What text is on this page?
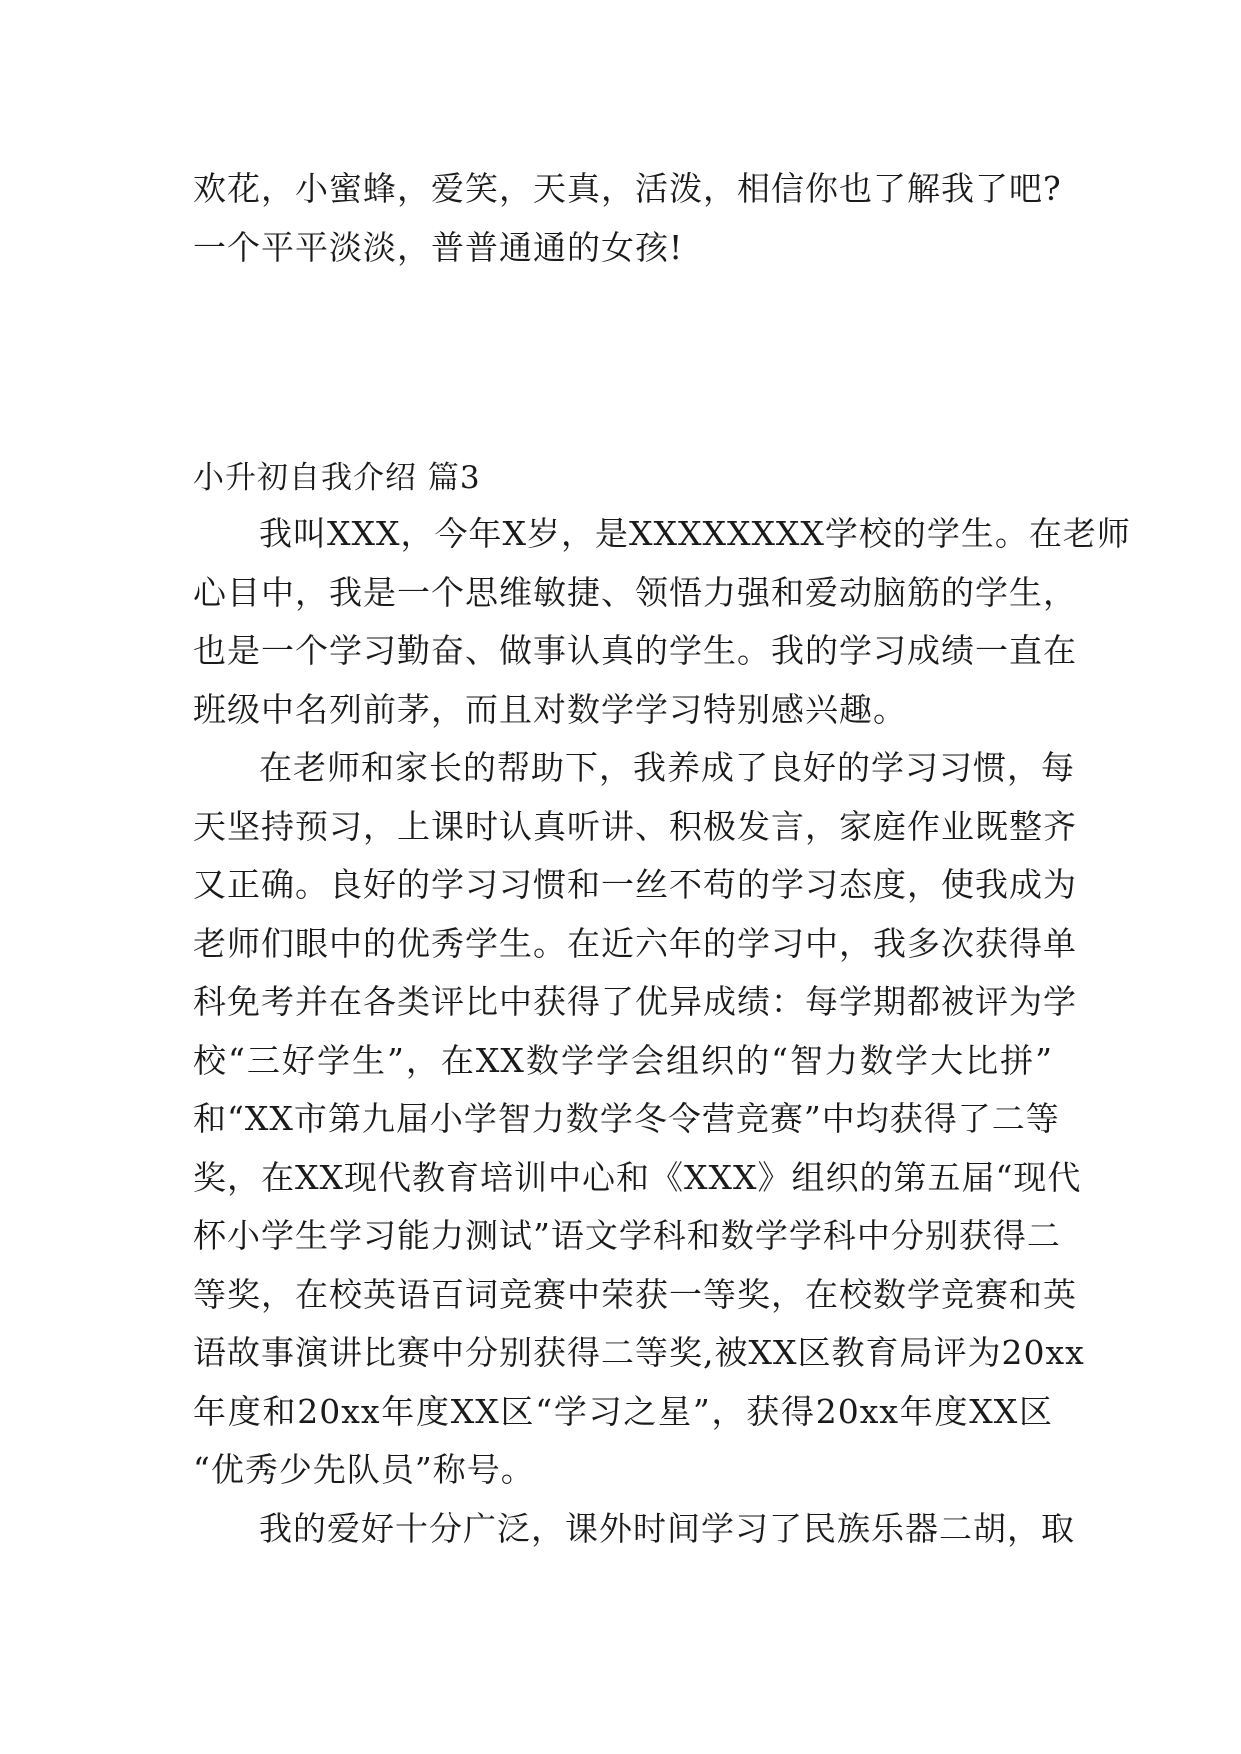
欢花，小蜜蜂，爱笑，天真，活泼，相信你也了解我了吧?
一个平平淡淡，普普通通的女孩!
小升初自我介绍 篇3
我叫XXX，今年X岁，是XXXXXXXX学校的学生。在老师
心目中，我是一个思维敏捷、领悟力强和爱动脑筋的学生，
也是一个学习勤奋、做事认真的学生。我的学习成绩一直在
班级中名列前茅，而且对数学学习特别感兴趣。
在老师和家长的帮助下，我养成了良好的学习习惯，每
天坚持预习，上课时认真听讲、积极发言，家庭作业既整齐
又正确。良好的学习习惯和一丝不苟的学习态度，使我成为
老师们眼中的优秀学生。在近六年的学习中，我多次获得单
科免考并在各类评比中获得了优异成绩：每学期都被评为学
校“三好学生”，在XX数学学会组织的“智力数学大比拼”
和“XX市第九届小学智力数学冬令营竞赛”中均获得了二等
奖，在XX现代教育培训中心和《XXX》组织的第五届“现代
杯小学生学习能力测试”语文学科和数学学科中分别获得二
等奖，在校英语百词竞赛中荣获一等奖，在校数学竞赛和英
语故事演讲比赛中分别获得二等奖,被XX区教育局评为20xx
年度和20xx年度XX区“学习之星”，获得20xx年度XX区
“优秀少先队员”称号。
我的爱好十分广泛，课外时间学习了民族乐器二胡，取
